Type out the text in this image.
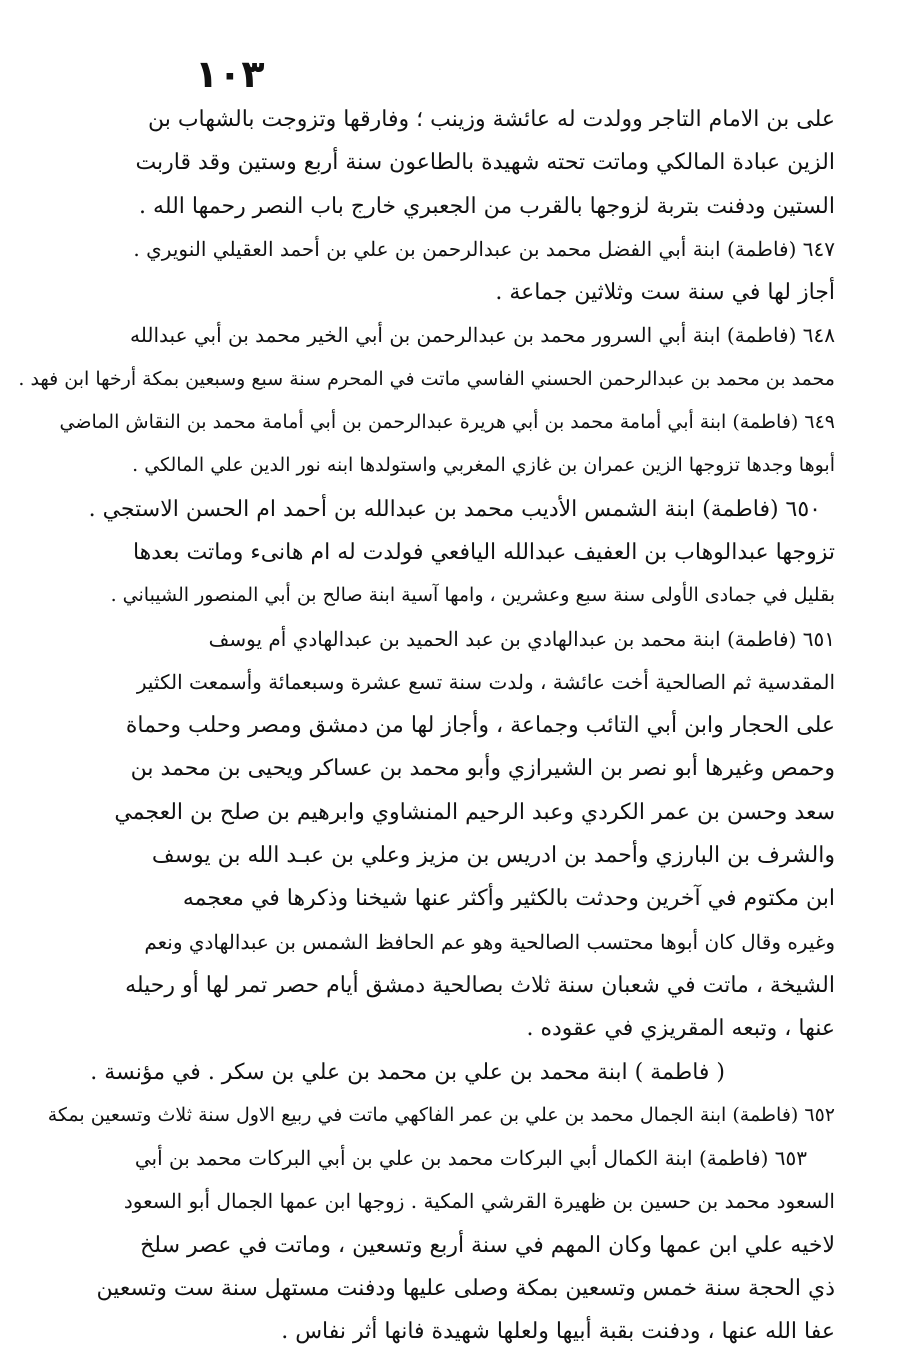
١٠٣
على بن الامام التاجر وولدت له عائشة وزينب ؛ وفارقها وتزوجت بالشهاب بن
الزين عبادة المالكي وماتت تحته شهيدة بالطاعون سنة أربع وستين وقد قاربت
الستين ودفنت بتربة لزوجها بالقرب من الجعبري خارج باب النصر رحمها الله .
٦٤٧ (فاطمة) ابنة أبي الفضل محمد بن عبدالرحمن بن علي بن أحمد العقيلي النويري .
أجاز لها في سنة ست وثلاثين جماعة .
٦٤٨ (فاطمة) ابنة أبي السرور محمد بن عبدالرحمن بن أبي الخير محمد بن أبي عبدالله
محمد بن محمد بن عبدالرحمن الحسني الفاسي ماتت في المحرم سنة سبع وسبعين بمكة أرخها ابن فهد .
٦٤٩ (فاطمة) ابنة أبي أمامة محمد بن أبي هريرة عبدالرحمن بن أبي أمامة محمد بن النقاش الماضي
أبوها وجدها تزوجها الزين عمران بن غازي المغربي واستولدها ابنه نور الدين علي المالكي .
٦٥٠ (فاطمة) ابنة الشمس الأديب محمد بن عبدالله بن أحمد ام الحسن الاستجي .
تزوجها عبدالوهاب بن العفيف عبدالله اليافعي فولدت له ام هانىء وماتت بعدها
بقليل في جمادى الأولى سنة سبع وعشرين ، وامها آسية ابنة صالح بن أبي المنصور الشيباني .
٦٥١ (فاطمة) ابنة محمد بن عبدالهادي بن عبد الحميد بن عبدالهادي أم يوسف
المقدسية ثم الصالحية أخت عائشة ، ولدت سنة تسع عشرة وسبعمائة وأسمعت الكثير
على الحجار وابن أبي التائب وجماعة ، وأجاز لها من دمشق ومصر وحلب وحماة
وحمص وغيرها أبو نصر بن الشيرازي وأبو محمد بن عساكر ويحيى بن محمد بن
سعد وحسن بن عمر الكردي وعبد الرحيم المنشاوي وابرهيم بن صلح بن العجمي
والشرف بن البارزي وأحمد بن ادريس بن مزيز وعلي بن عبـد الله بن يوسف
ابن مكتوم في آخرين وحدثت بالكثير وأكثر عنها شيخنا وذكرها في معجمه
وغيره وقال كان أبوها محتسب الصالحية وهو عم الحافظ الشمس بن عبدالهادي ونعم
الشيخة ، ماتت في شعبان سنة ثلاث بصالحية دمشق أيام حصر تمر لها أو رحيله
عنها ، وتبعه المقريزي في عقوده .
( فاطمة ) ابنة محمد بن علي بن محمد بن علي بن سكر . في مؤنسة .
٦٥٢ (فاطمة) ابنة الجمال محمد بن علي بن عمر الفاكهي ماتت في ربيع الاول سنة ثلاث وتسعين بمكة
٦٥٣ (فاطمة) ابنة الكمال أبي البركات محمد بن علي بن أبي البركات محمد بن أبي
السعود محمد بن حسين بن ظهيرة القرشي المكية . زوجها ابن عمها الجمال أبو السعود
لاخيه علي ابن عمها وكان المهم في سنة أربع وتسعين ، وماتت في عصر سلخ
ذي الحجة سنة خمس وتسعين بمكة وصلى عليها ودفنت مستهل سنة ست وتسعين
عفا الله عنها ، ودفنت بقبة أبيها ولعلها شهيدة فانها أثر نفاس .
